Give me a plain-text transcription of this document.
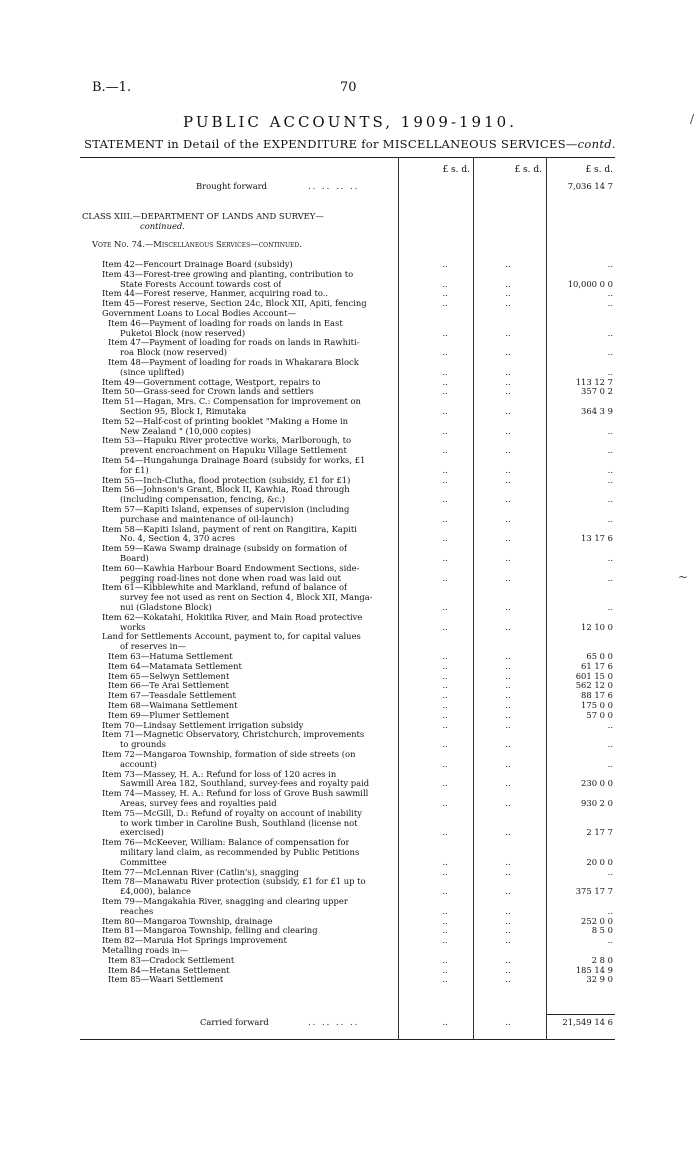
B.—1.	70
PUBLIC ACCOUNTS, 1909-1910.
STATEMENT in Detail of the EXPENDITURE for MISCELLANEOUS SERVICES—contd.
£ s. d.	£ s. d.	£ s. d.
Brought forward	.. .. .. ..	7,036 14 7
CLASS XIII.—DEPARTMENT OF LANDS AND SURVEY—
continued.
Vote No. 74.—Miscellaneous Services—continued.
Item 42—Fencourt Drainage Board (subsidy)	..	..	..
Item 43—Forest-tree growing and planting, contribution to
State Forests Account towards cost of	..	..	10,000 0 0
Item 44—Forest reserve, Hanmer, acquiring road to..	..	..	..
Item 45—Forest reserve, Section 24c, Block XII, Apiti, fencing	..	..	..
Government Loans to Local Bodies Account—
Item 46—Payment of loading for roads on lands in East
Puketoi Block (now reserved)	..	..	..
Item 47—Payment of loading for roads on lands in Rawhiti-
roa Block (now reserved)	..	..	..
Item 48—Payment of loading for roads in Whakarara Block
(since uplifted)	..	..	..
Item 49—Government cottage, Westport, repairs to	..	..	113 12 7
Item 50—Grass-seed for Crown lands and settlers	..	..	357 0 2
Item 51—Hagan, Mrs. C.: Compensation for improvement on
Section 95, Block I, Rimutaka	..	..	364 3 9
Item 52—Half-cost of printing booklet "Making a Home in
New Zealand " (10,000 copies)	..	..	..
Item 53—Hapuku River protective works, Marlborough, to
prevent encroachment on Hapuku Village Settlement	..	..	..
Item 54—Hungahunga Drainage Board (subsidy for works, £1
for £1)	..	..	..
Item 55—Inch-Clutha, flood protection (subsidy, £1 for £1)	..	..	..
Item 56—Johnson's Grant, Block II, Kawhia, Road through
(including compensation, fencing, &c.)	..	..	..
Item 57—Kapiti Island, expenses of supervision (including
purchase and maintenance of oil-launch)	..	..	..
Item 58—Kapiti Island, payment of rent on Rangitira, Kapiti
No. 4, Section 4, 370 acres	..	..	13 17 6
Item 59—Kawa Swamp drainage (subsidy on formation of
Board)	..	..	..
Item 60—Kawhia Harbour Board Endowment Sections, side-
pegging road-lines not done when road was laid out	..	..	..
Item 61—Kibblewhite and Markland, refund of balance of
survey fee not used as rent on Section 4, Block XII, Manga-
nui (Gladstone Block)	..	..	..
Item 62—Kokatahi, Hokitika River, and Main Road protective
works	..	..	12 10 0
Land for Settlements Account, payment to, for capital values
of reserves in—
Item 63—Hatuma Settlement	..	..	65 0 0
Item 64—Matamata Settlement	..	..	61 17 6
Item 65—Selwyn Settlement	..	..	601 15 0
Item 66—Te Arai Settlement	..	..	562 12 0
Item 67—Teasdale Settlement	..	..	88 17 6
Item 68—Waimana Settlement	..	..	175 0 0
Item 69—Plumer Settlement	..	..	57 0 0
Item 70—Lindsay Settlement irrigation subsidy	..	..	..
Item 71—Magnetic Observatory, Christchurch, improvements
to grounds	..	..	..
Item 72—Mangaroa Township, formation of side streets (on
account)	..	..	..
Item 73—Massey, H. A.: Refund for loss of 120 acres in
Sawmill Area 182, Southland, survey-fees and royalty paid	..	..	230 0 0
Item 74—Massey, H. A.: Refund for loss of Grove Bush sawmill
Areas, survey fees and royalties paid	..	..	930 2 0
Item 75—McGill, D.: Refund of royalty on account of inability
to work timber in Caroline Bush, Southland (license not
exercised)	..	..	2 17 7
Item 76—McKeever, William: Balance of compensation for
military land claim, as recommended by Public Petitions
Committee	..	..	20 0 0
Item 77—McLennan River (Catlin's), snagging	..	..	..
Item 78—Manawatu River protection (subsidy, £1 for £1 up to
£4,000), balance	..	..	375 17 7
Item 79—Mangakahia River, snagging and clearing upper
reaches	..	..	..
Item 80—Mangaroa Township, drainage	..	..	252 0 0
Item 81—Mangaroa Township, felling and clearing	..	..	8 5 0
Item 82—Maruia Hot Springs improvement	..	..	..
Metalling roads in—
Item 83—Cradock Settlement	..	..	2 8 0
Item 84—Hetana Settlement	..	..	185 14 9
Item 85—Waari Settlement	..	..	32 9 0
Carried forward	.. .. .. ..	..	..	21,549 14 6
/
~
